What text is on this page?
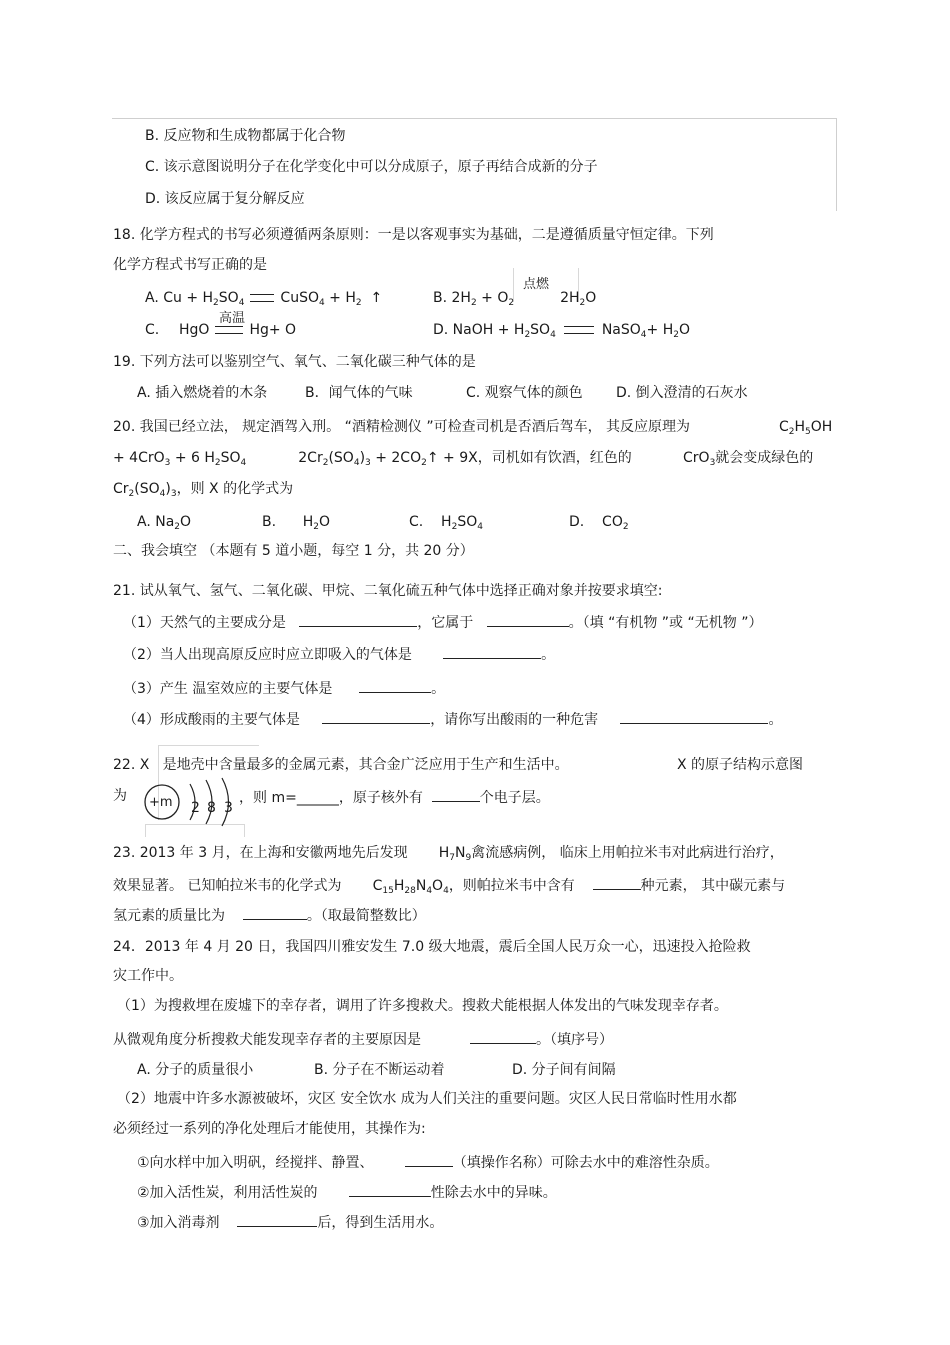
B. 反应物和生成物都属于化合物
C. 该示意图说明分子在化学变化中可以分成原子，原子再结合成新的分子
D. 该反应属于复分解反应
18. 化学方程式的书写必须遵循两条原则：一是以客观事实为基础，二是遵循质量守恒定律。下列
化学方程式书写正确的是
A. $Cu + H_2SO_4$	CuSO$_4$ + $H_2$ ↑
点燃
B. $2H_2 + O_2$	$2H_2O$
C.
高温
HgO	Hg+ O	D. NaOH + $H_2SO_4$	NaSO$_4$+ $H_2O$
19. 下列方法可以鉴别空气、氧气、二氧化碳三种气体的是
A. 插入燃烧着的木条	B．闻气体的气味	C. 观察气体的颜色 D. 倒入澄清的石灰水
20. 我国已经立法， 规定酒驾入刑。 “酒精检测仪 ”可检查司机是否酒后驾车， 其反应原理为	$C_2H_5OH$
+ 4CrO$_3$ + 6 $H_2SO_4$	$2Cr_2(SO_4)_3$ + $2CO_2↑ + 9X$，司机如有饮酒，红色的	CrO$_3$就会变成绿色的
$Cr_2(SO_4)_3$，则 X 的化学式为
A. $Na_2O$	B. $H_2O$	C. $H_2SO_4$	D. $CO_2$
二、我会填空 （本题有 5 道小题，每空 1 分，共 20 分）
21. 试从氧气、氢气、二氧化碳、甲烷、二氧化硫五种气体中选择正确对象并按要求填空:
（1）天然气的主要成分是	，它属于	。（填 “有机物 ”或 “无机物 ”）
（2）当人出现高原反应时应立即吸入的气体是	。
（3）产生 温室效应的主要气体是	。
（4）形成酸雨的主要气体是	，请你写出酸雨的一种危害	。
22. X 是地壳中含量最多的金属元素，其合金广泛应用于生产和生活中。	X 的原子结构示意图
为 +m 2 8 3
，则 m=______，原子核外有	个电子层。
23. 2013 年 3 月，在上海和安徽两地先后发现 $H_7N_9$禽流感病例， 临床上用帕拉米韦对此病进行治疗，
效果显著。 已知帕拉米韦的化学式为 $C_{15}H_{28}N_4O_4$，则帕拉米韦中含有	种元素， 其中碳元素与
氢元素的质量比为	。（取最简整数比）
24．2013 年 4 月 20 日，我国四川雅安发生 7.0 级大地震，震后全国人民万众一心，迅速投入抢险救
灾工作中。
（1）为搜救埋在废墟下的幸存者，调用了许多搜救犬。搜救犬能根据人体发出的气味发现幸存者。
从微观角度分析搜救犬能发现幸存者的主要原因是	。（填序号）
A. 分子的质量很小	B. 分子在不断运动着	D. 分子间有间隔
（2）地震中许多水源被破坏，灾区 安全饮水 成为人们关注的重要问题。灾区人民日常临时性用水都
必须经过一系列的净化处理后才能使用，其操作为:
①向水样中加入明矾，经搅拌、静置、	（填操作名称）可除去水中的难溶性杂质。
②加入活性炭，利用活性炭的	性除去水中的异味。
③加入消毒剂	后，得到生活用水。
